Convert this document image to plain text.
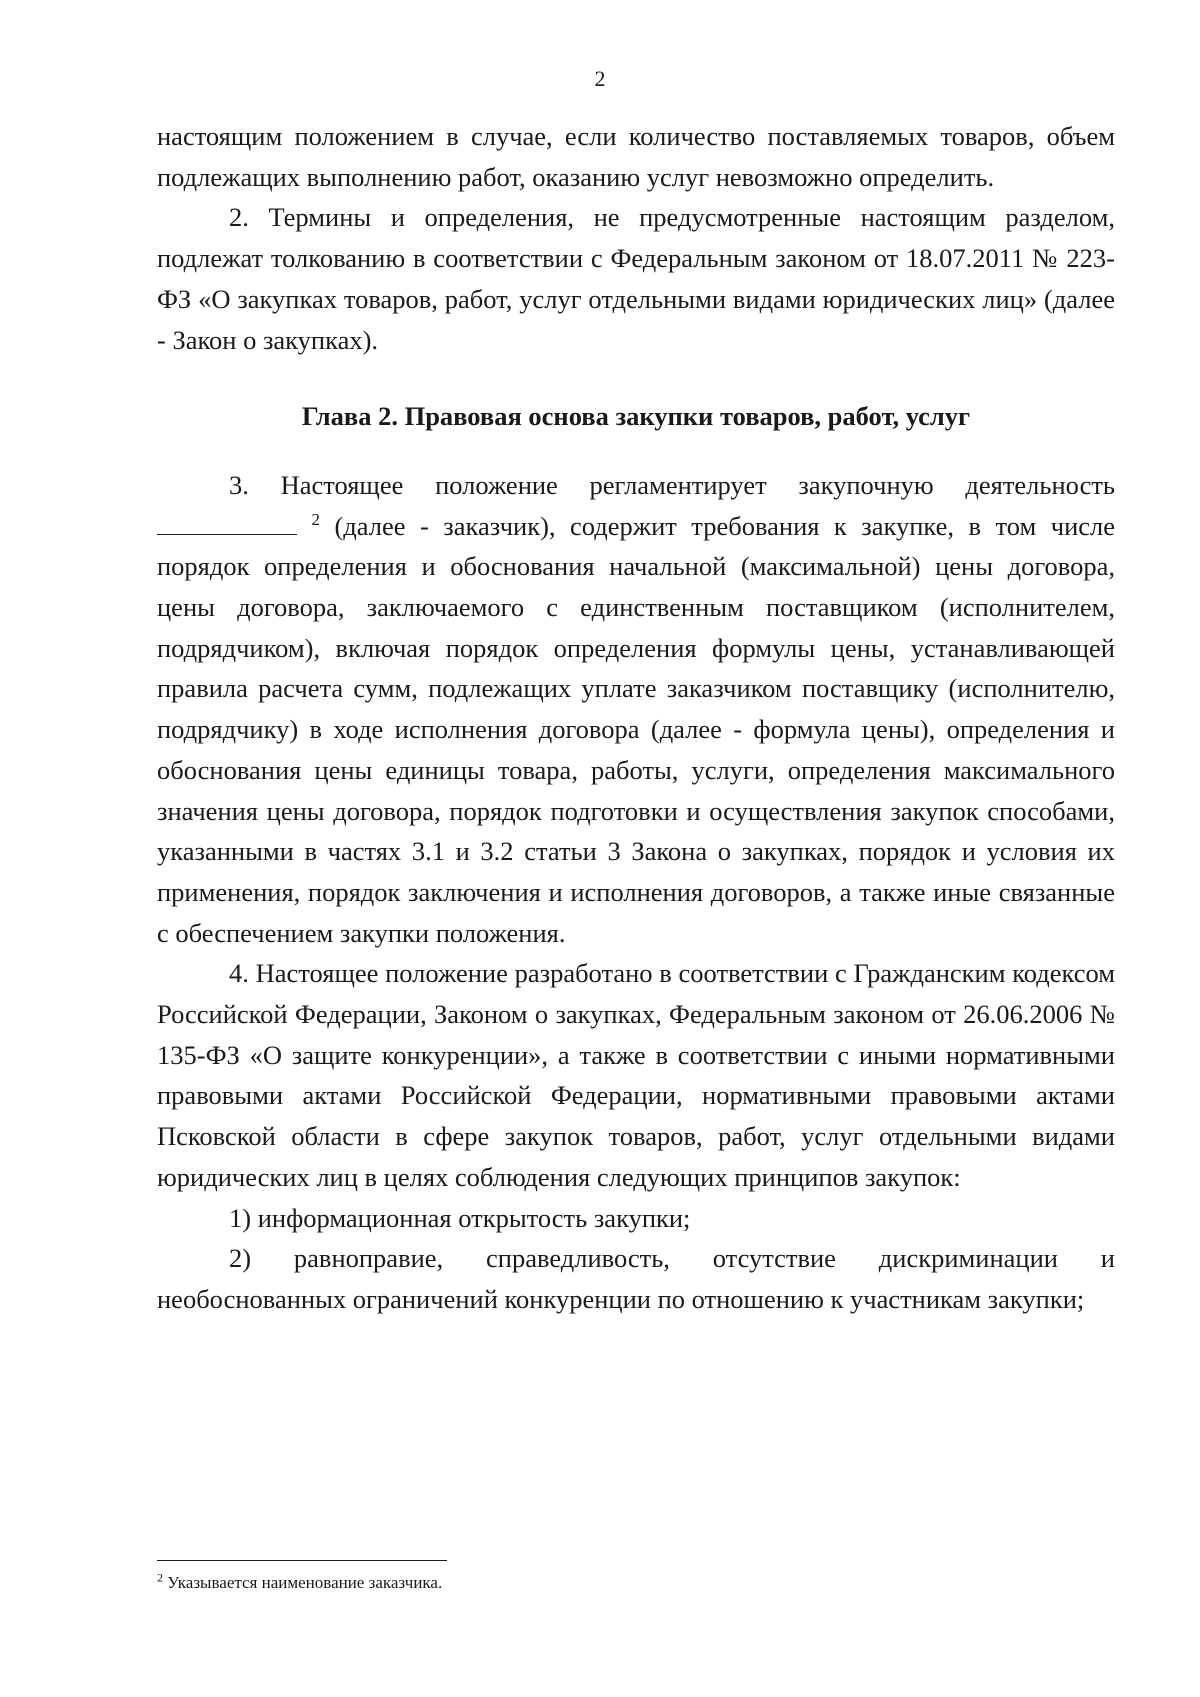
2

настоящим положением в случае, если количество поставляемых товаров, объем подлежащих выполнению работ, оказанию услуг невозможно определить.

2. Термины и определения, не предусмотренные настоящим разделом, подлежат толкованию в соответствии с Федеральным законом от 18.07.2011 № 223-ФЗ «О закупках товаров, работ, услуг отдельными видами юридических лиц» (далее - Закон о закупках).

Глава 2. Правовая основа закупки товаров, работ, услуг

3. Настоящее положение регламентирует закупочную деятельность  $^2$ (далее - заказчик), содержит требования к закупке, в том числе порядок определения и обоснования начальной (максимальной) цены договора, цены договора, заключаемого с единственным поставщиком (исполнителем, подрядчиком), включая порядок определения формулы цены, устанавливающей правила расчета сумм, подлежащих уплате заказчиком поставщику (исполнителю, подрядчику) в ходе исполнения договора (далее - формула цены), определения и обоснования цены единицы товара, работы, услуги, определения максимального значения цены договора, порядок подготовки и осуществления закупок способами, указанными в частях 3.1 и 3.2 статьи 3 Закона о закупках, порядок и условия их применения, порядок заключения и исполнения договоров, а также иные связанные с обеспечением закупки положения.

4. Настоящее положение разработано в соответствии с Гражданским кодексом Российской Федерации, Законом о закупках, Федеральным законом от 26.06.2006 № 135-ФЗ «О защите конкуренции», а также в соответствии с иными нормативными правовыми актами Российской Федерации, нормативными правовыми актами Псковской области в сфере закупок товаров, работ, услуг отдельными видами юридических лиц в целях соблюдения следующих принципов закупок:

1) информационная открытость закупки;

2) равноправие, справедливость, отсутствие дискриминации и необоснованных ограничений конкуренции по отношению к участникам закупки;

$^2$ Указывается наименование заказчика.
